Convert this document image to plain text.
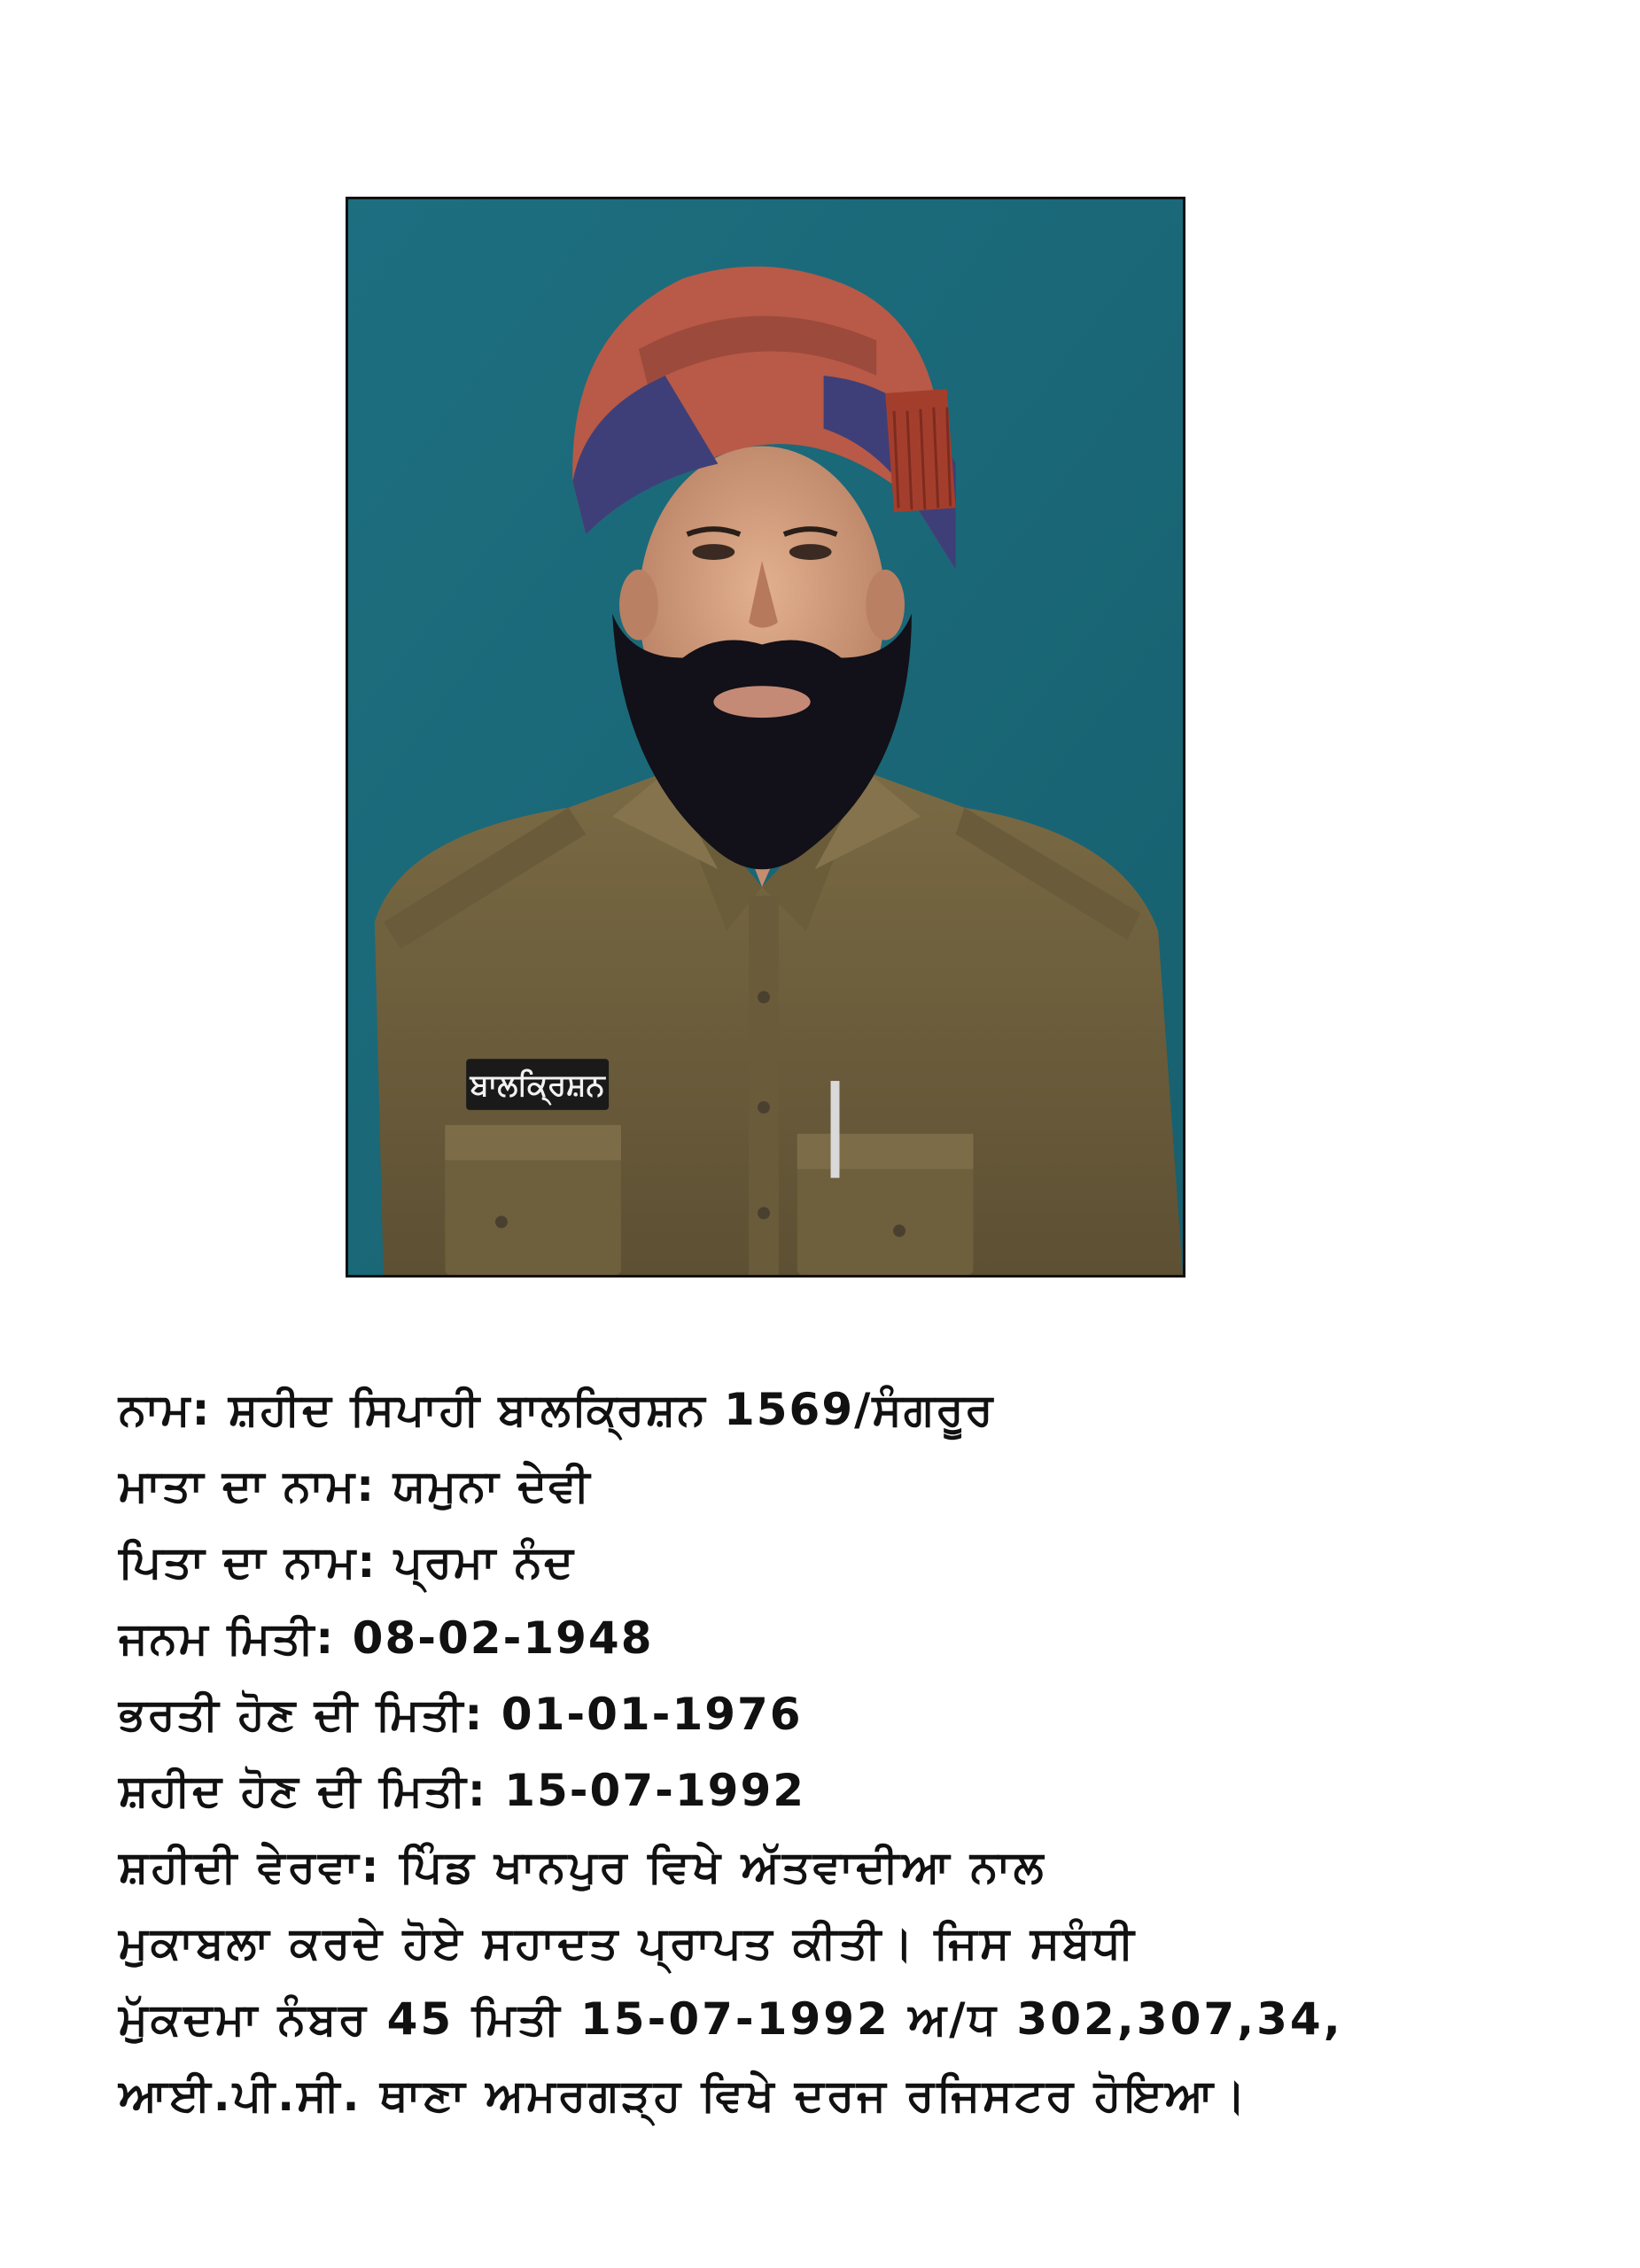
ਬਾਲਕ੍ਰਿਸ਼ਨ
ਨਾਮ: ਸ਼ਹੀਦ ਸਿਪਾਹੀ ਬਾਲਕ੍ਰਿਸ਼ਨ 1569/ਸੰਗਰੂਰ
ਮਾਤਾ ਦਾ ਨਾਮ: ਯਮੁਨਾ ਦੇਵੀ
ਪਿਤਾ ਦਾ ਨਾਮ: ਪ੍ਰਮਾ ਨੰਦ
ਜਨਮ ਮਿਤੀ: 08-02-1948
ਭਰਤੀ ਹੋਣ ਦੀ ਮਿਤੀ: 01-01-1976
ਸ਼ਹੀਦ ਹੋਣ ਦੀ ਮਿਤੀ: 15-07-1992
ਸ਼ਹੀਦੀ ਵੇਰਵਾ: ਪਿੰਡ ਖਾਨਪੁਰ ਵਿਖੇ ਅੱਤਵਾਦੀਆ ਨਾਲ
ਮੁਕਾਬਲਾ ਕਰਦੇ ਹੋਏ ਸਹਾਦਤ ਪ੍ਰਾਪਤ ਕੀਤੀ। ਜਿਸ ਸਬੰਧੀ
ਮੁੱਕਦਮਾ ਨੰਬਰ 45 ਮਿਤੀ 15-07-1992 ਅ/ਧ 302,307,34,
ਆਈ.ਪੀ.ਸੀ. ਥਾਣਾ ਅਮਰਗੜ੍ਹ ਵਿਖੇ ਦਰਜ ਰਜਿਸਟਰ ਹੋਇਆ।
